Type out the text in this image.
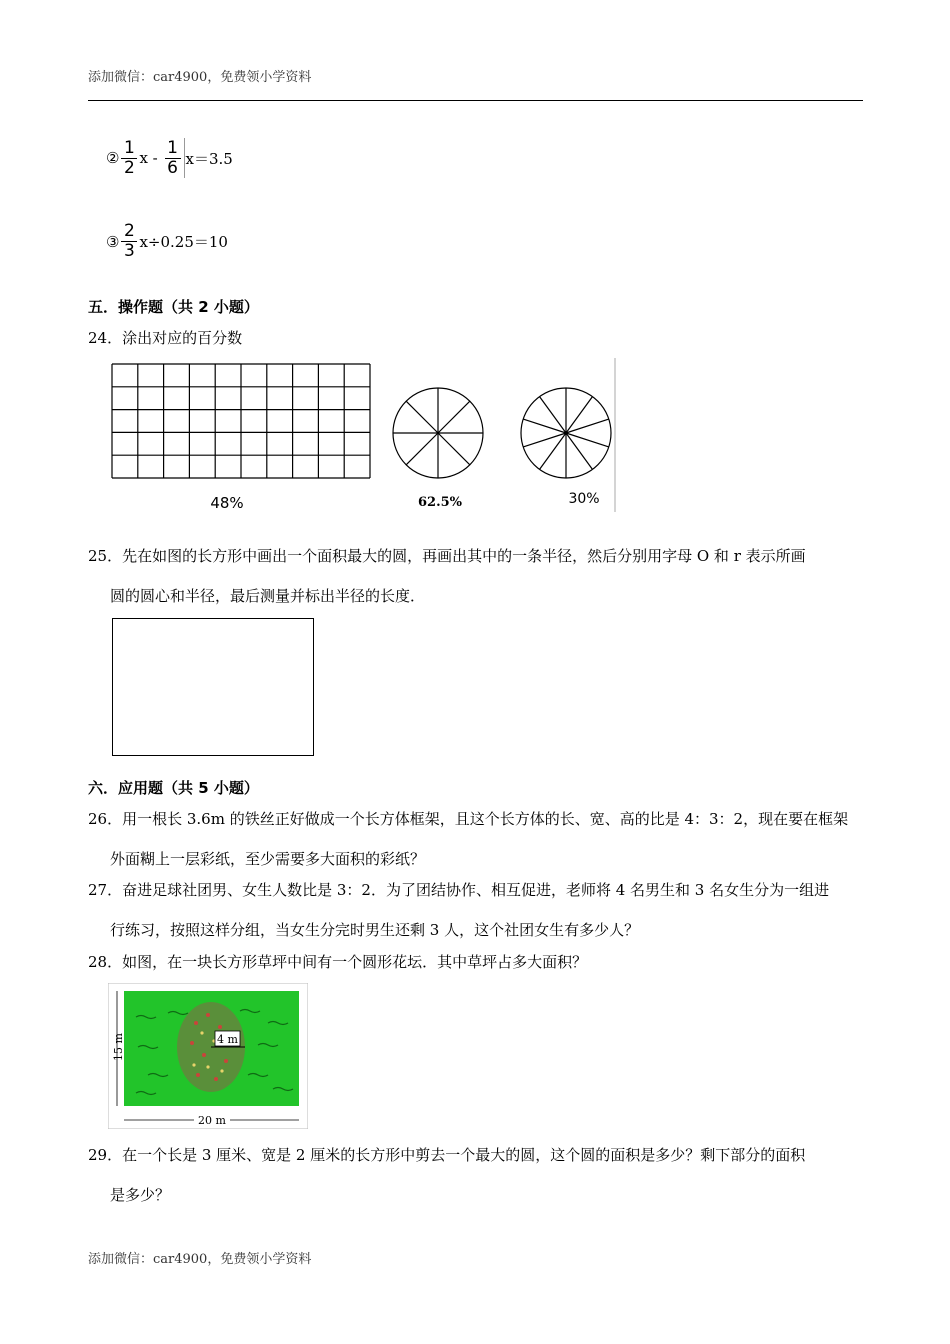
添加微信：car4900，免费领小学资料
② $\frac{1}{2}$ $x - \frac{1}{6} x=3.5$
③ $\frac{2}{3} x\div 0.25=10$
五．操作题（共 2 小题）
24．涂出对应的百分数
48%	62.5%	30%
25．先在如图的长方形中画出一个面积最大的圆，再画出其中的一条半径，然后分别用字母 O 和 r 表示所画
圆的圆心和半径，最后测量并标出半径的长度．
六．应用题（共 5 小题）
26．用一根长 3.6m 的铁丝正好做成一个长方体框架，且这个长方体的长、宽、高的比是 4：3：2，现在要在框架
外面糊上一层彩纸，至少需要多大面积的彩纸？
27．奋进足球社团男、女生人数比是 3：2．为了团结协作、相互促进，老师将 4 名男生和 3 名女生分为一组进
行练习，按照这样分组，当女生分完时男生还剩 3 人，这个社团女生有多少人？
28．如图，在一块长方形草坪中间有一个圆形花坛．其中草坪占多大面积？
4 m
15 m
20 m
29．在一个长是 3 厘米、宽是 2 厘米的长方形中剪去一个最大的圆，这个圆的面积是多少？剩下部分的面积
是多少？
添加微信：car4900，免费领小学资料
